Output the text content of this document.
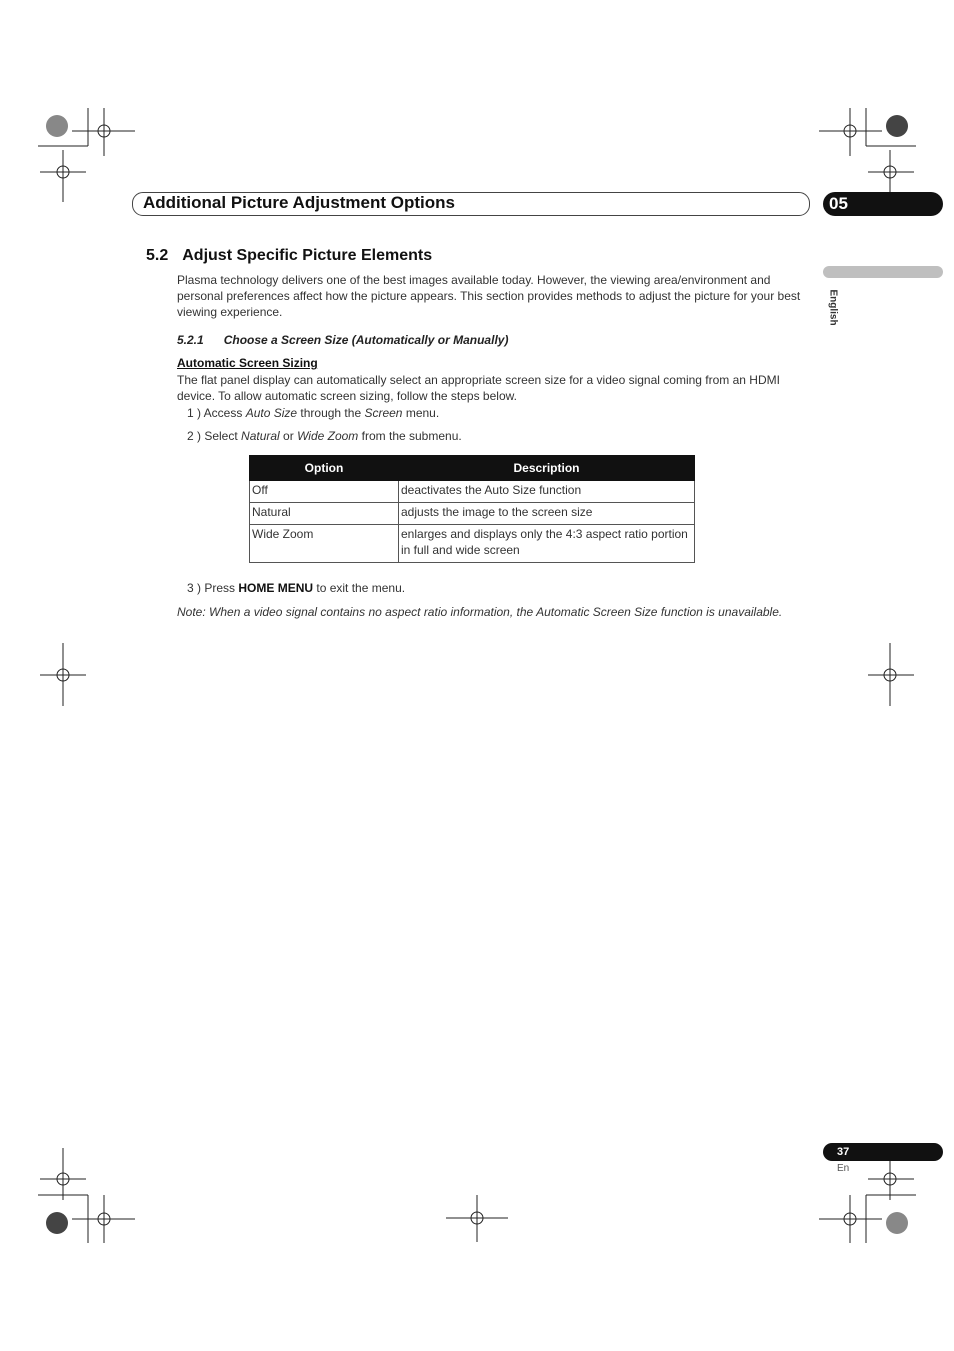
Additional Picture Adjustment Options	05
English
5.2 Adjust Specific Picture Elements
Plasma technology delivers one of the best images available today. However, the viewing area/environment and personal preferences affect how the picture appears. This section provides methods to adjust the picture for your best viewing experience.
5.2.1 Choose a Screen Size (Automatically or Manually)
Automatic Screen Sizing
The flat panel display can automatically select an appropriate screen size for a video signal coming from an HDMI device. To allow automatic screen sizing, follow the steps below.
1 ) Access Auto Size through the Screen menu.
2 ) Select Natural or Wide Zoom from the submenu.
Option	Description
Off	deactivates the Auto Size function
Natural	adjusts the image to the screen size
Wide Zoom	enlarges and displays only the 4:3 aspect ratio portion in full and wide screen
3 ) Press HOME MENU to exit the menu.
Note: When a video signal contains no aspect ratio information, the Automatic Screen Size function is unavailable.
37
En
